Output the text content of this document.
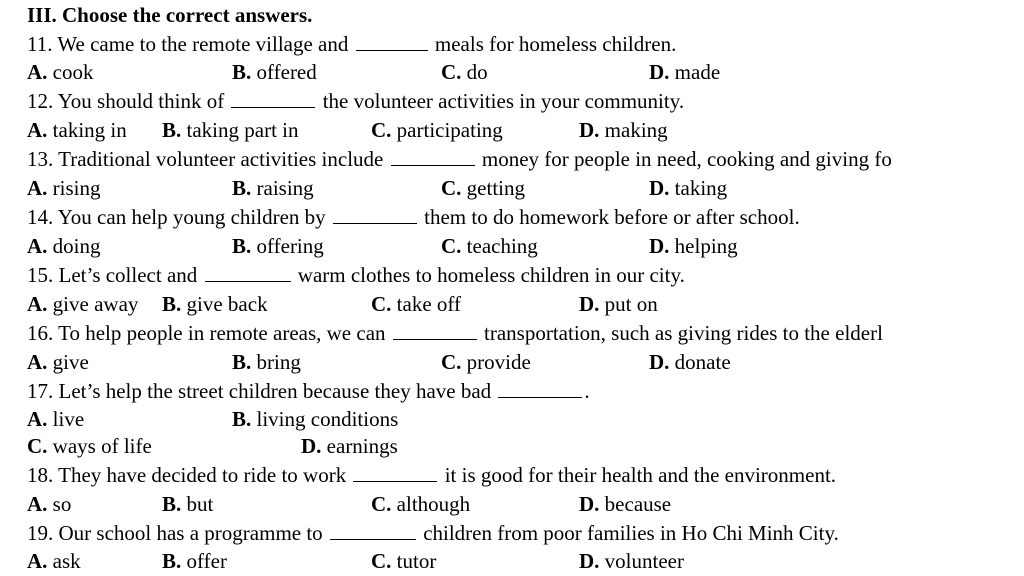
III. Choose the correct answers.
11. We came to the remote village and	meals for homeless children.
A. cook	B. offered	C. do	D. made
12. You should think of	the volunteer activities in your community.
A. taking in B. taking part in	C. participating	D. making
13. Traditional volunteer activities include	money for people in need, cooking and giving fo
A. rising	B. raising	C. getting	D. taking
14. You can help young children by	them to do homework before or after school.
A. doing	B. offering	C. teaching	D. helping
15. Let’s collect and	warm clothes to homeless children in our city.
A. give away B. give back	C. take off	D. put on
16. To help people in remote areas, we can	transportation, such as giving rides to the elderl
A. give	B. bring	C. provide	D. donate
17. Let’s help the street children because they have bad	.
A. live	B. living conditions
C. ways of life	D. earnings
18. They have decided to ride to work	it is good for their health and the environment.
A. so	B. but	C. although	D. because
19. Our school has a programme to	children from poor families in Ho Chi Minh City.
A. ask	B. offer	C. tutor	D. volunteer
